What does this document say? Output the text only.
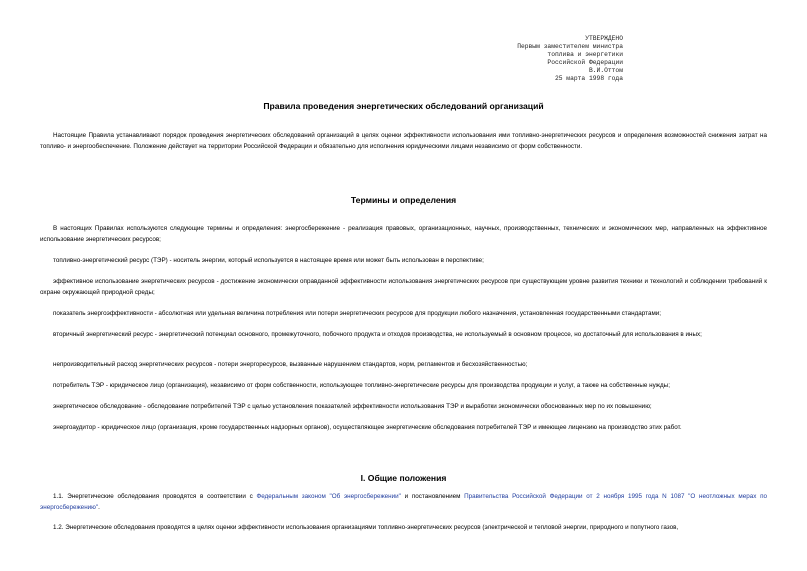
УТВЕРЖДЕНО
Первым заместителем министра
топлива и энергетики
Российской Федерации
В.И.Оттом
25 марта 1998 года
Правила проведения энергетических обследований организаций

Настоящие Правила устанавливают порядок проведения энергетических обследований организаций в целях оценки эффективности использования ими топливно-энергетических ресурсов и определения возможностей снижения затрат на топливо- и энергообеспечение. Положение действует на территории Российской Федерации и обязательно для исполнения юридическими лицами независимо от форм собственности.

Термины и определения

В настоящих Правилах используются следующие термины и определения: энергосбережение - реализация правовых, организационных, научных, производственных, технических и экономических мер, направленных на эффективное использование энергетических ресурсов;

топливно-энергетический ресурс (ТЭР) - носитель энергии, который используется в настоящее время или может быть использован в перспективе;

эффективное использование энергетических ресурсов - достижение экономически оправданной эффективности использования энергетических ресурсов при существующем уровне развития техники и технологий и соблюдении требований к охране окружающей природной среды;

показатель энергоэффективности - абсолютная или удельная величина потребления или потери энергетических ресурсов для продукции любого назначения, установленная государственными стандартами;

вторичный энергетический ресурс - энергетический потенциал основного, промежуточного, побочного продукта и отходов производства, не используемый в основном процессе, но достаточный для использования в иных;

непроизводительный расход энергетических ресурсов - потери энергоресурсов, вызванные нарушением стандартов, норм, регламентов и бесхозяйственностью;

потребитель ТЭР - юридическое лицо (организация), независимо от форм собственности, использующее топливно-энергетические ресурсы для производства продукции и услуг, а также на собственные нужды;

энергетическое обследование - обследование потребителей ТЭР с целью установления показателей эффективности использования ТЭР и выработки экономически обоснованных мер по их повышению;

энергоаудитор - юридическое лицо (организация, кроме государственных надзорных органов), осуществляющее энергетические обследования потребителей ТЭР и имеющее лицензию на производство этих работ.

I. Общие положения

1.1. Энергетические обследования проводятся в соответствии с Федеральным законом "Об энергосбережении" и постановлением Правительства Российской Федерации от 2 ноября 1995 года N 1087 "О неотложных мерах по энергосбережению".

1.2. Энергетические обследования проводятся в целях оценки эффективности использования организациями топливно-энергетических ресурсов (электрической и тепловой энергии, природного и попутного газов,
